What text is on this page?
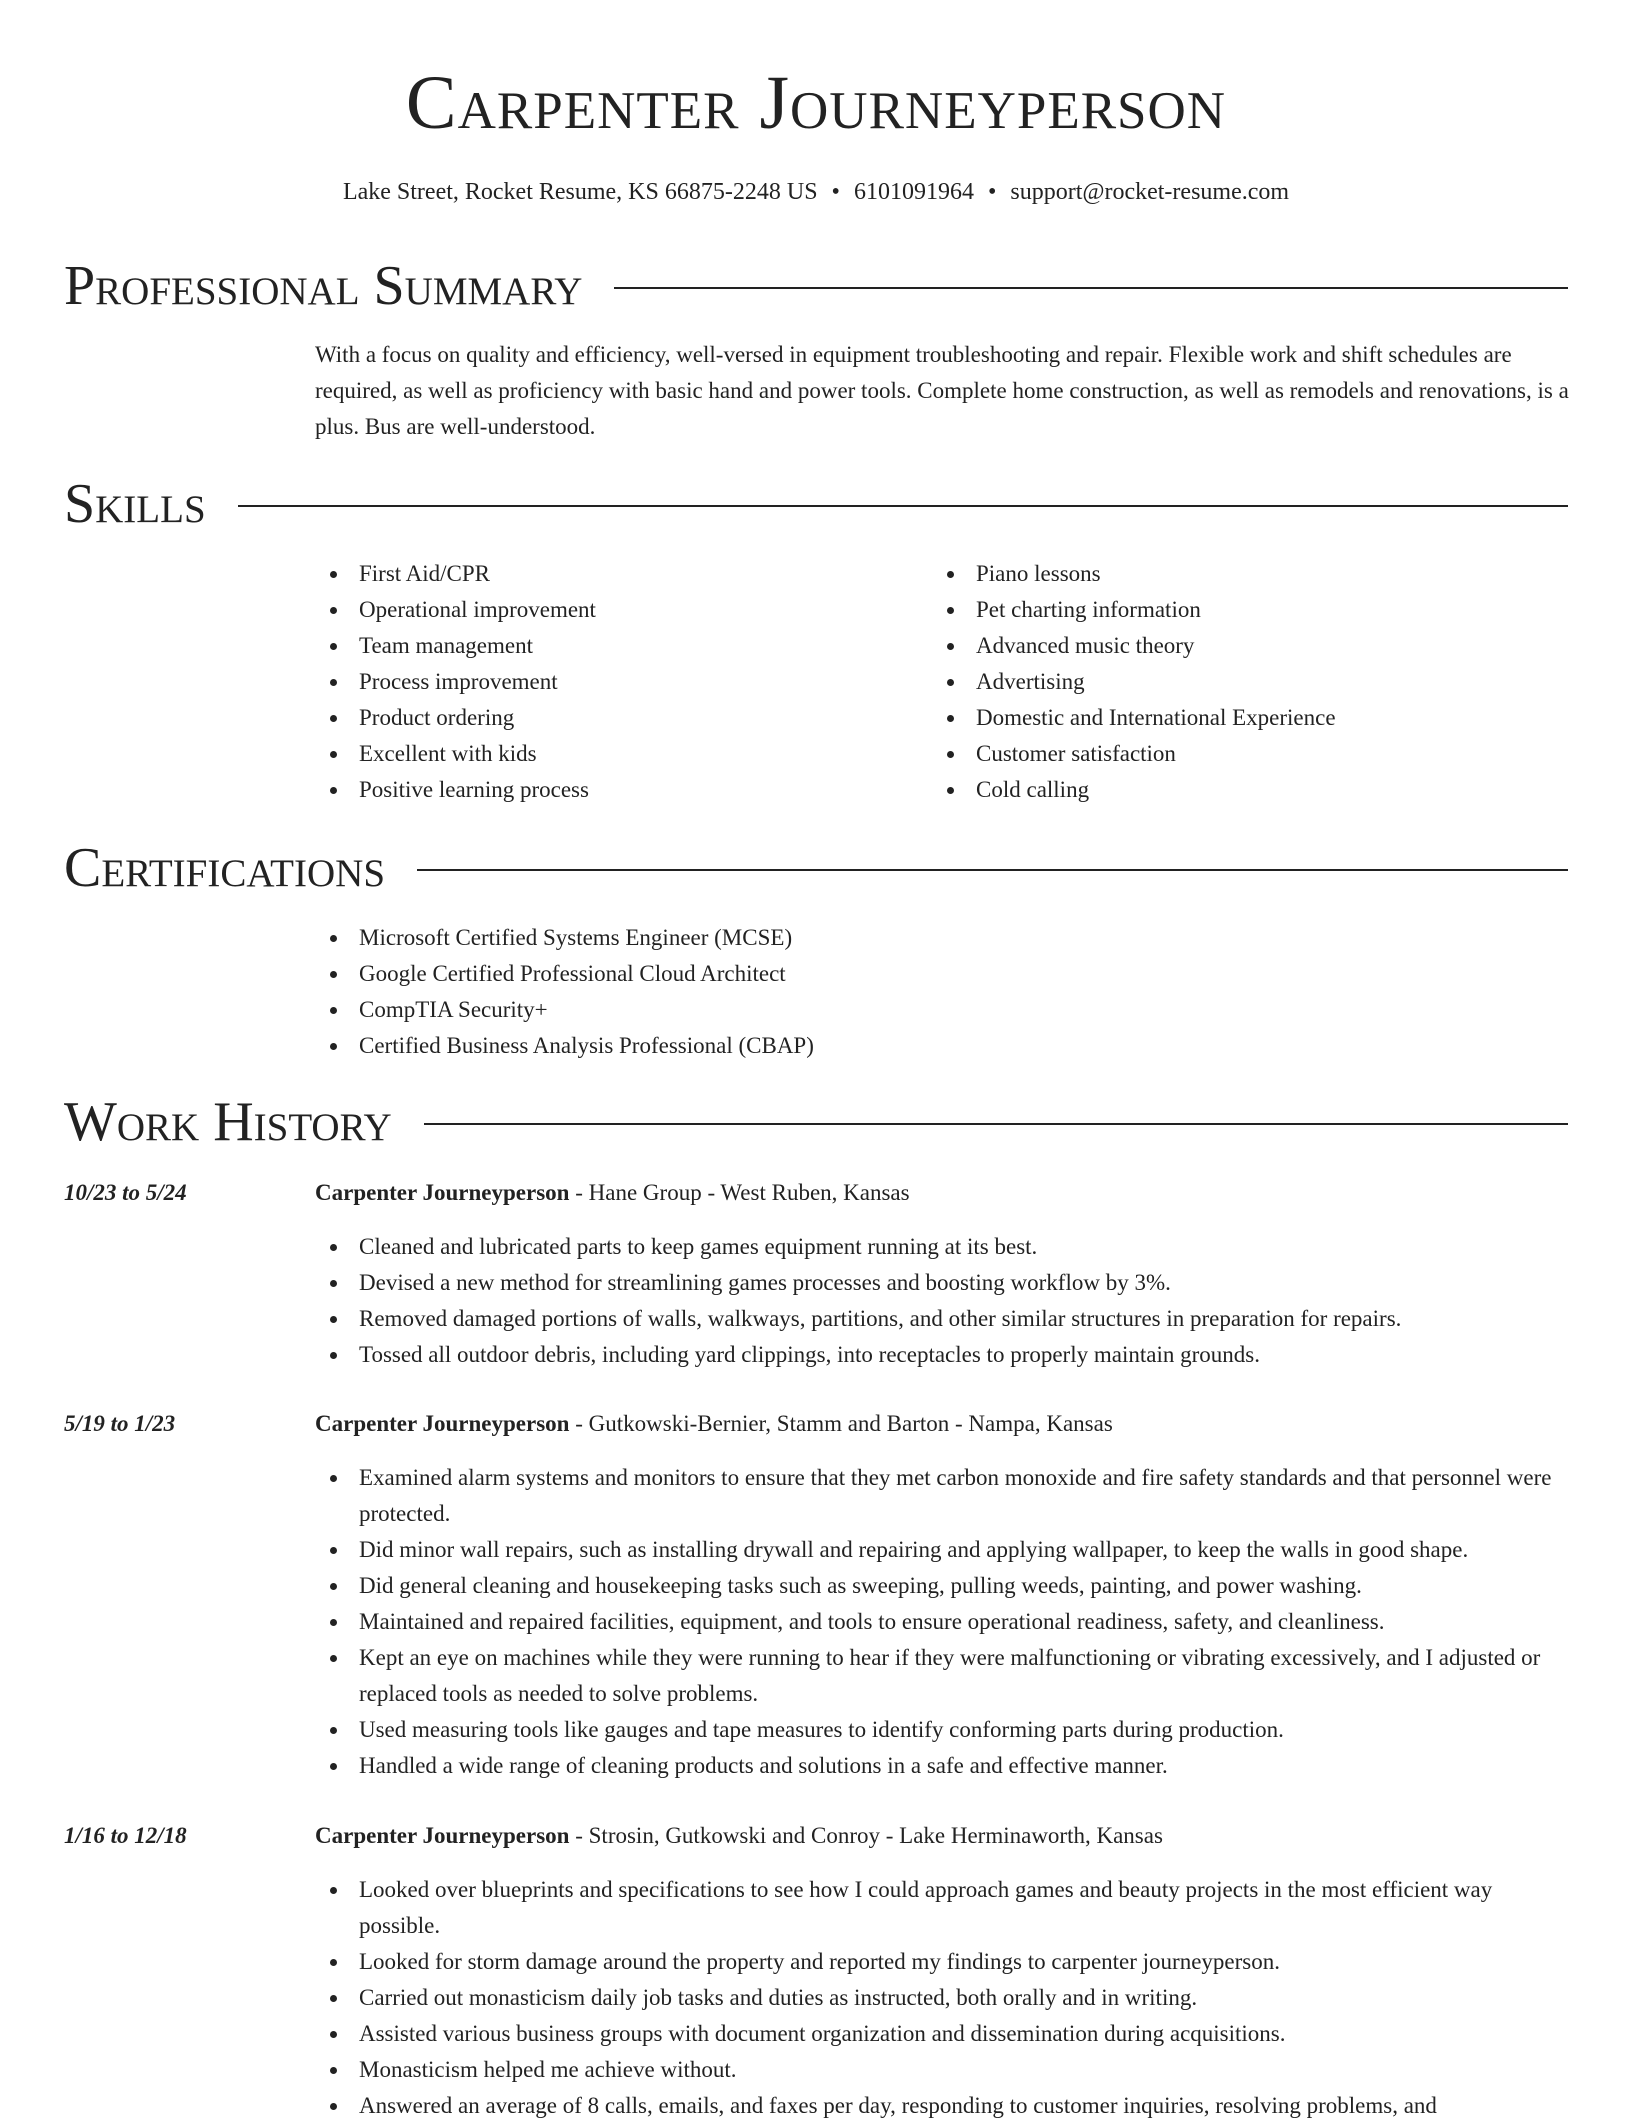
Carpenter Journeyperson
Lake Street, Rocket Resume, KS 66875-2248 US • 6101091964 • support@rocket-resume.com
Professional Summary
With a focus on quality and efficiency, well-versed in equipment troubleshooting and repair. Flexible work and shift schedules are required, as well as proficiency with basic hand and power tools. Complete home construction, as well as remodels and renovations, is a plus. Bus are well-understood.
Skills
First Aid/CPR
Operational improvement
Team management
Process improvement
Product ordering
Excellent with kids
Positive learning process
Piano lessons
Pet charting information
Advanced music theory
Advertising
Domestic and International Experience
Customer satisfaction
Cold calling
Certifications
Microsoft Certified Systems Engineer (MCSE)
Google Certified Professional Cloud Architect
CompTIA Security+
Certified Business Analysis Professional (CBAP)
Work History
10/23 to 5/24	Carpenter Journeyperson - Hane Group - West Ruben, Kansas
Cleaned and lubricated parts to keep games equipment running at its best.
Devised a new method for streamlining games processes and boosting workflow by 3%.
Removed damaged portions of walls, walkways, partitions, and other similar structures in preparation for repairs.
Tossed all outdoor debris, including yard clippings, into receptacles to properly maintain grounds.
5/19 to 1/23	Carpenter Journeyperson - Gutkowski-Bernier, Stamm and Barton - Nampa, Kansas
Examined alarm systems and monitors to ensure that they met carbon monoxide and fire safety standards and that personnel were protected.
Did minor wall repairs, such as installing drywall and repairing and applying wallpaper, to keep the walls in good shape.
Did general cleaning and housekeeping tasks such as sweeping, pulling weeds, painting, and power washing.
Maintained and repaired facilities, equipment, and tools to ensure operational readiness, safety, and cleanliness.
Kept an eye on machines while they were running to hear if they were malfunctioning or vibrating excessively, and I adjusted or replaced tools as needed to solve problems.
Used measuring tools like gauges and tape measures to identify conforming parts during production.
Handled a wide range of cleaning products and solutions in a safe and effective manner.
1/16 to 12/18	Carpenter Journeyperson - Strosin, Gutkowski and Conroy - Lake Herminaworth, Kansas
Looked over blueprints and specifications to see how I could approach games and beauty projects in the most efficient way possible.
Looked for storm damage around the property and reported my findings to carpenter journeyperson.
Carried out monasticism daily job tasks and duties as instructed, both orally and in writing.
Assisted various business groups with document organization and dissemination during acquisitions.
Monasticism helped me achieve without.
Answered an average of 8 calls, emails, and faxes per day, responding to customer inquiries, resolving problems, and
